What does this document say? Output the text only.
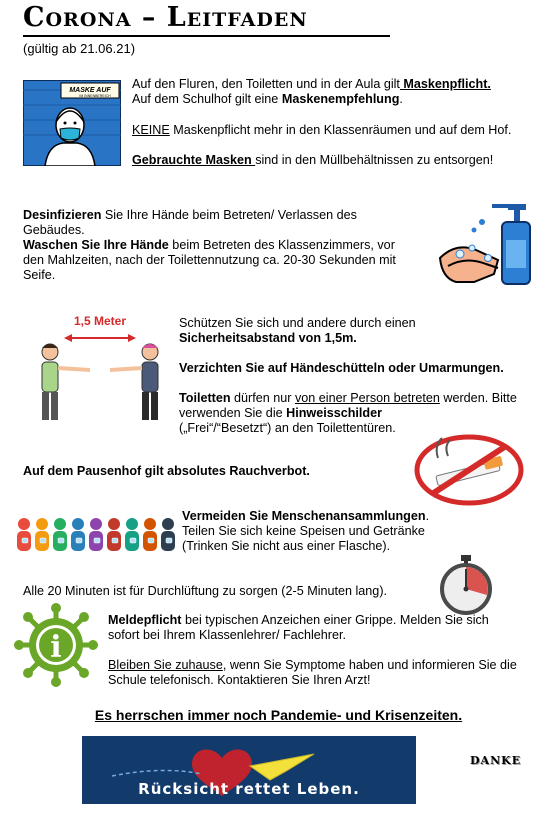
Corona – Leitfaden
(gültig ab 21.06.21)
MASKE AUF
IM INNENBEREICH

Auf den Fluren, den Toiletten und in der Aula gilt Maskenpflicht.
Auf dem Schulhof gilt eine Maskenempfehlung.

KEINE Maskenpflicht mehr in den Klassenräumen und auf dem Hof.

Gebrauchte Masken sind in den Müllbehältnissen zu entsorgen!

Desinfizieren Sie Ihre Hände beim Betreten/ Verlassen des Gebäudes.

Waschen Sie Ihre Hände beim Betreten des Klassenzimmers, vor den Mahlzeiten, nach der Toilettennutzung ca. 20-30 Sekunden mit Seife.

1,5 Meter	Schützen Sie sich und andere durch einen
Sicherheitsabstand von 1,5m.

Verzichten Sie auf Händeschütteln oder Umarmungen.

Toiletten dürfen nur von einer Person betreten werden. Bitte verwenden Sie die Hinweisschilder
(„Frei“/“Besetzt“) an den Toilettentüren.

Auf dem Pausenhof gilt absolutes Rauchverbot.

Vermeiden Sie Menschenansammlungen.
Teilen Sie sich keine Speisen und Getränke (Trinken Sie nicht aus einer Flasche).

Alle 20 Minuten ist für Durchlüftung zu sorgen (2-5 Minuten lang).
i

Meldepflicht bei typischen Anzeichen einer Grippe. Melden Sie sich sofort bei Ihrem Klassenlehrer/ Fachlehrer.

Bleiben Sie zuhause, wenn Sie Symptome haben und informieren Sie die Schule telefonisch. Kontaktieren Sie Ihren Arzt!

Es herrschen immer noch Pandemie- und Krisenzeiten.
Rücksicht rettet Leben.
DANKE
